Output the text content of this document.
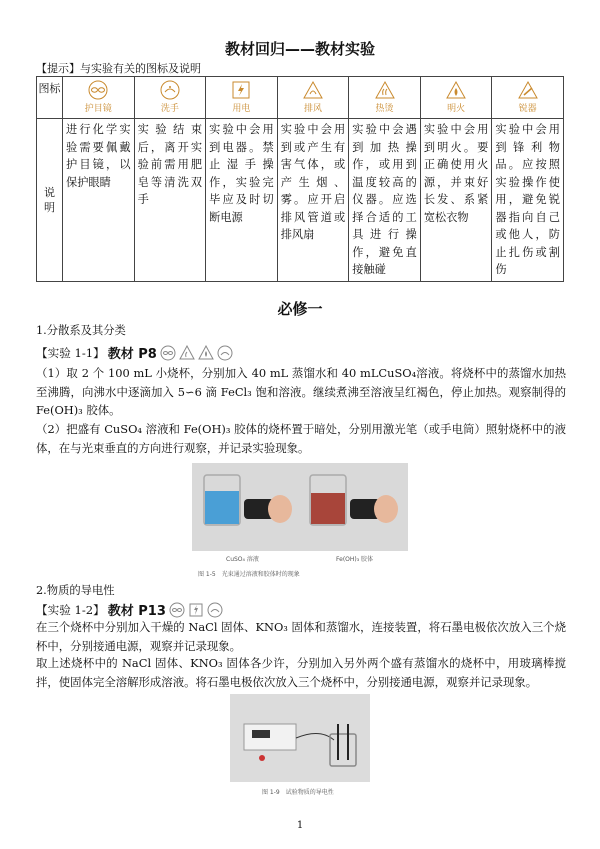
教材回归——教材实验
【提示】与实验有关的图标及说明
图标	护目镜	洗手	用电	排风	热烫	明火	锐器

说明	进行化学实验需要佩戴护目镜，以保护眼睛	实验结束后，离开实验前需用肥皂等清洗双手	实验中会用到电器。禁止湿手操作，实验完毕应及时切断电源	实验中会用到或产生有害气体，或产生烟、雾。应开启排风管道或排风扇	实验中会遇到加热操作，或用到温度较高的仪器。应选择合适的工具进行操作，避免直接触碰	实验中会用到明火。要正确使用火源，并束好长发、系紧宽松衣物	实验中会用到锋利物品。应按照实验操作使用，避免锐器指向自己或他人，防止扎伤或割伤
必修一
1.分散系及其分类
【实验 1-1】 教材 P8
（1）取 2 个 100 mL 小烧杯，分别加入 40 mL 蒸馏水和 40 mLCuSO₄溶液。将烧杯中的蒸馏水加热至沸腾，向沸水中逐滴加入 5∽6 滴 FeCl₃ 饱和溶液。继续煮沸至溶液呈红褐色，停止加热。观察制得的 Fe(OH)₃ 胶体。
（2）把盛有 CuSO₄ 溶液和 Fe(OH)₃ 胶体的烧杯置于暗处，分别用激光笔（或手电筒）照射烧杯中的液体，在与光束垂直的方向进行观察，并记录实验现象。
CuSO₄ 溶液	Fe(OH)₃ 胶体
图 1-5　光束通过溶液和胶体时的现象
2.物质的导电性
【实验 1-2】 教材 P13
在三个烧杯中分别加入干燥的 NaCl 固体、KNO₃ 固体和蒸馏水，连接装置，将石墨电极依次放入三个烧杯中，分别接通电源，观察并记录现象。
取上述烧杯中的 NaCl 固体、KNO₃ 固体各少许，分别加入另外两个盛有蒸馏水的烧杯中，用玻璃棒搅拌，使固体完全溶解形成溶液。将石墨电极依次放入三个烧杯中，分别接通电源，观察并记录现象。
图 1-9　试验物质的导电性
1
